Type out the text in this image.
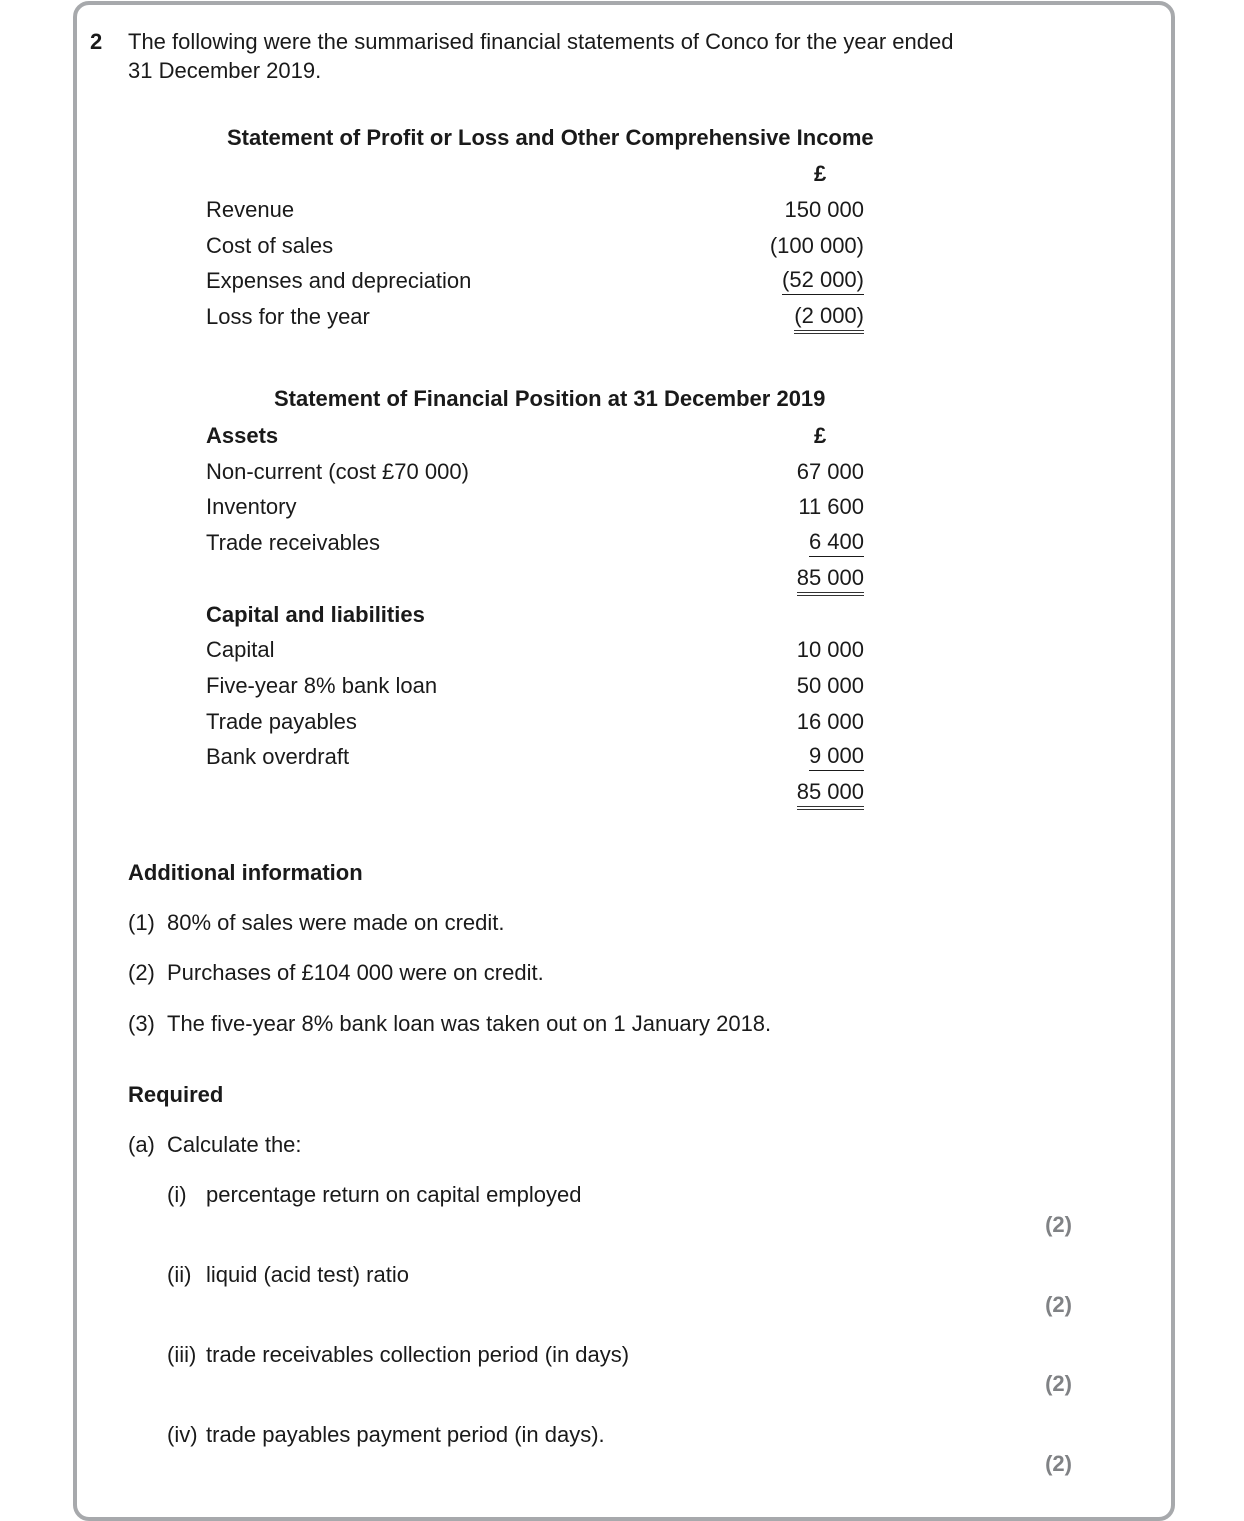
2 The following were the summarised financial statements of Conco for the year ended
31 December 2019.
Statement of Profit or Loss and Other Comprehensive Income
£
Revenue	150 000
Cost of sales	(100 000)
Expenses and depreciation	(52 000)
Loss for the year	(2 000)
Statement of Financial Position at 31 December 2019
Assets	£
Non-current (cost £70 000)	67 000
Inventory	11 600
Trade receivables	6 400
85 000
Capital and liabilities
Capital	10 000
Five-year 8% bank loan	50 000
Trade payables	16 000
Bank overdraft	9 000
85 000
Additional information
(1) 80% of sales were made on credit.
(2) Purchases of £104 000 were on credit.
(3) The five-year 8% bank loan was taken out on 1 January 2018.
Required
(a) Calculate the:
(i) percentage return on capital employed
(2)
(ii) liquid (acid test) ratio
(2)
(iii) trade receivables collection period (in days)
(2)
(iv) trade payables payment period (in days).
(2)
